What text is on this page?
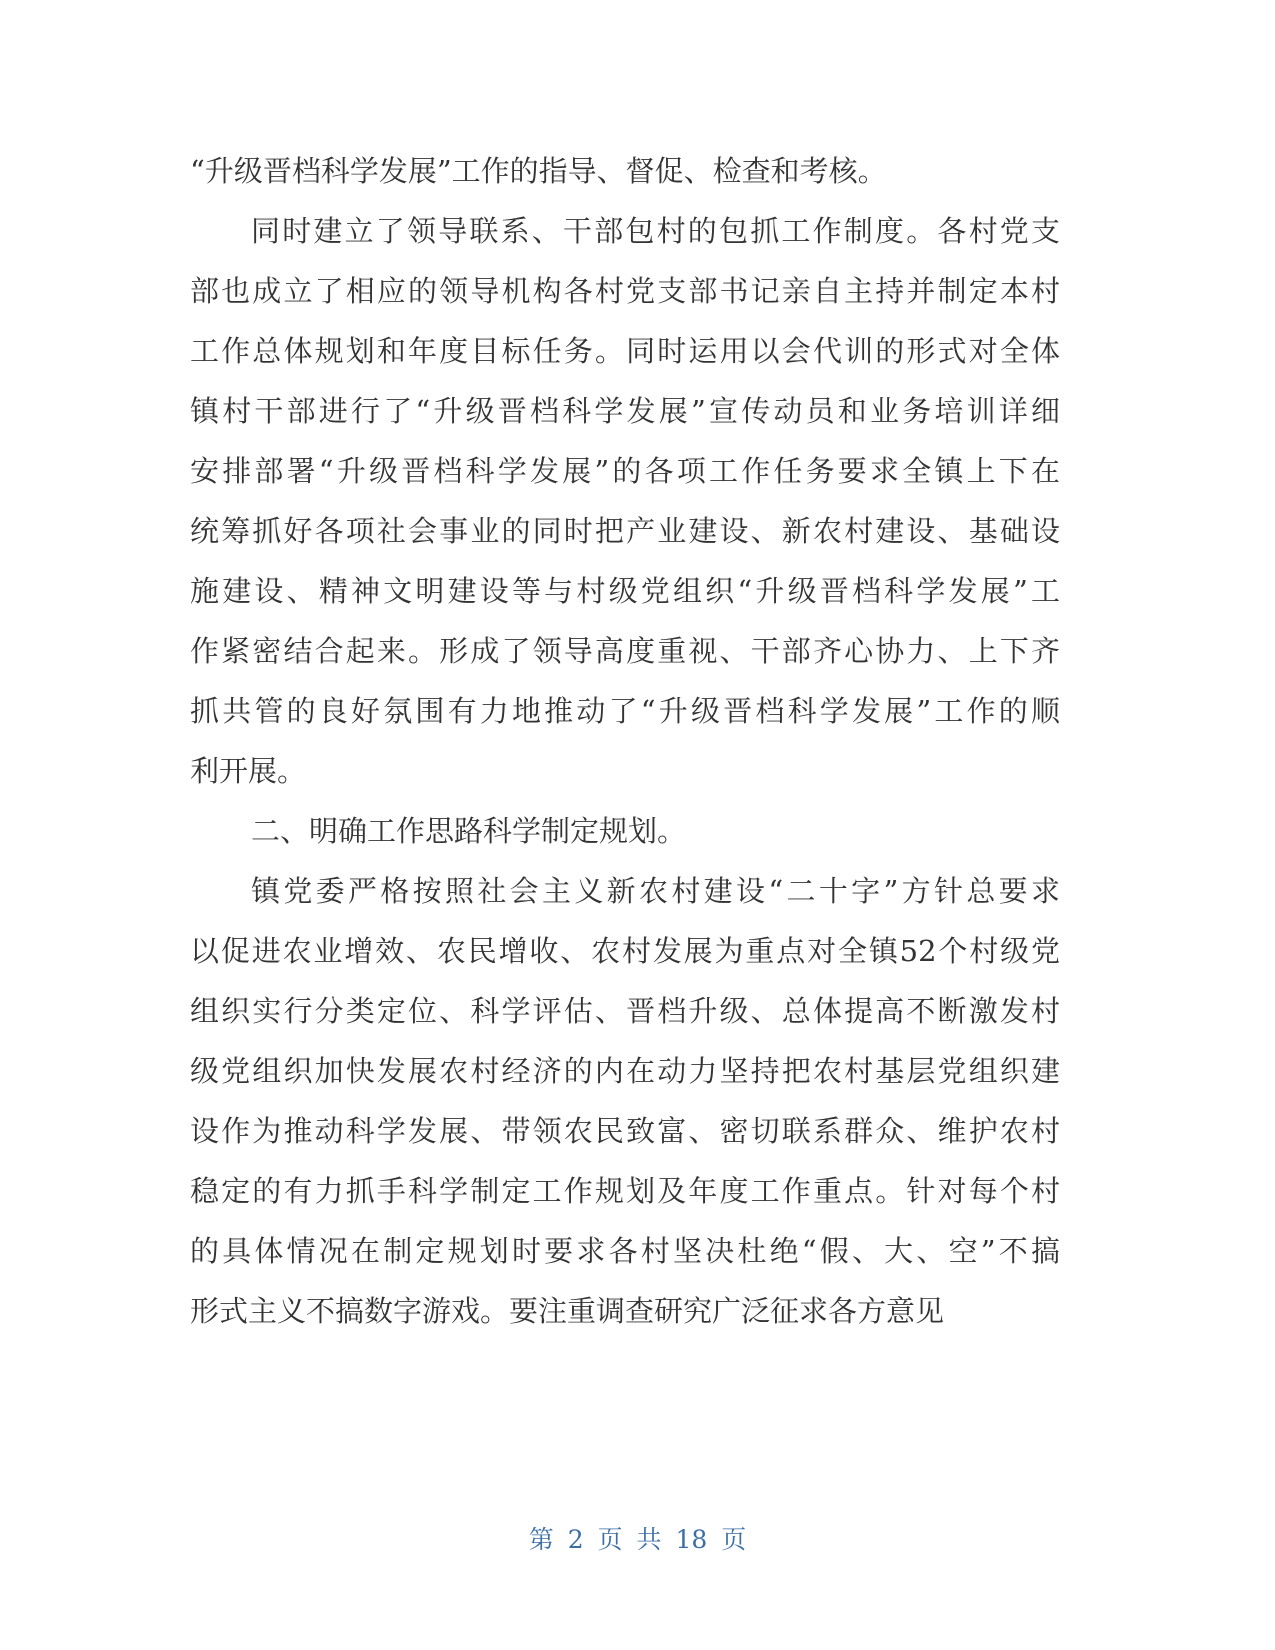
“升级晋档科学发展”工作的指导、督促、检查和考核。
同时建立了领导联系、干部包村的包抓工作制度。各村党支
部也成立了相应的领导机构各村党支部书记亲自主持并制定本村
工作总体规划和年度目标任务。同时运用以会代训的形式对全体
镇村干部进行了“升级晋档科学发展”宣传动员和业务培训详细
安排部署“升级晋档科学发展”的各项工作任务要求全镇上下在
统筹抓好各项社会事业的同时把产业建设、新农村建设、基础设
施建设、精神文明建设等与村级党组织“升级晋档科学发展”工
作紧密结合起来。形成了领导高度重视、干部齐心协力、上下齐
抓共管的良好氛围有力地推动了“升级晋档科学发展”工作的顺
利开展。
二、明确工作思路科学制定规划。
镇党委严格按照社会主义新农村建设“二十字”方针总要求
以促进农业增效、农民增收、农村发展为重点对全镇52个村级党
组织实行分类定位、科学评估、晋档升级、总体提高不断激发村
级党组织加快发展农村经济的内在动力坚持把农村基层党组织建
设作为推动科学发展、带领农民致富、密切联系群众、维护农村
稳定的有力抓手科学制定工作规划及年度工作重点。针对每个村
的具体情况在制定规划时要求各村坚决杜绝“假、大、空”不搞
形式主义不搞数字游戏。要注重调查研究广泛征求各方意见
第 2 页 共 18 页
